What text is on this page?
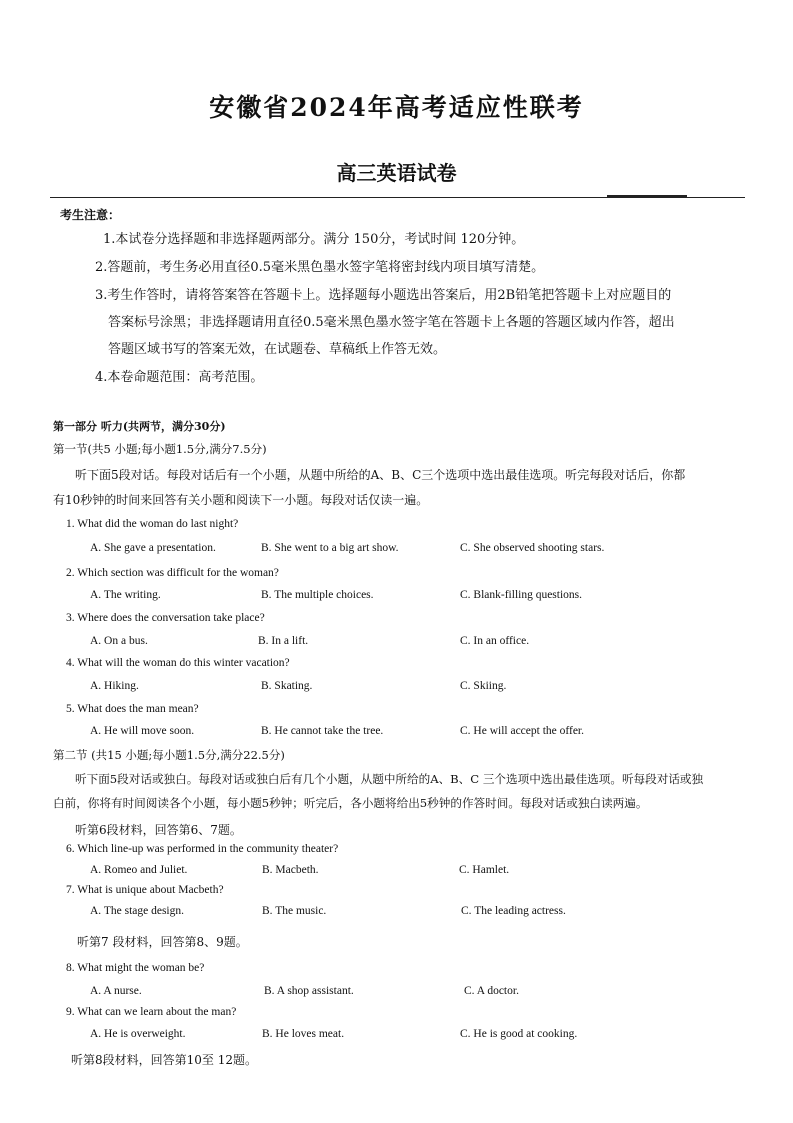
安徽省2024年高考适应性联考
高三英语试卷
考生注意：
1.本试卷分选择题和非选择题两部分。满分 150分，考试时间 120分钟。
2.答题前，考生务必用直径0.5毫米黑色墨水签字笔将密封线内项目填写清楚。
3.考生作答时，请将答案答在答题卡上。选择题每小题选出答案后，用2B铅笔把答题卡上对应题目的
答案标号涂黑；非选择题请用直径0.5毫米黑色墨水签字笔在答题卡上各题的答题区域内作答，超出
答题区域书写的答案无效，在试题卷、草稿纸上作答无效。
4.本卷命题范围：高考范围。
第一部分 听力(共两节，满分30分)
第一节(共5 小题;每小题1.5分,满分7.5分)
听下面5段对话。每段对话后有一个小题，从题中所给的A、B、C三个选项中选出最佳选项。听完每段对话后，你都
有10秒钟的时间来回答有关小题和阅读下一小题。每段对话仅读一遍。
1. What did the woman do last night?
A. She gave a presentation.	B. She went to a big art show.	C. She observed shooting stars.
2. Which section was difficult for the woman?
A. The writing.	B. The multiple choices.	C. Blank-filling questions.
3. Where does the conversation take place?
A. On a bus.	B. In a lift.	C. In an office.
4. What will the woman do this winter vacation?
A. Hiking.	B. Skating.	C. Skiing.
5. What does the man mean?
A. He will move soon.	B. He cannot take the tree.	C. He will accept the offer.
第二节 (共15 小题;每小题1.5分,满分22.5分)
听下面5段对话或独白。每段对话或独白后有几个小题，从题中所给的A、B、C 三个选项中选出最佳选项。听每段对话或独
白前，你将有时间阅读各个小题，每小题5秒钟；听完后，各小题将给出5秒钟的作答时间。每段对话或独白读两遍。
听第6段材料，回答第6、7题。
6. Which line-up was performed in the community theater?
A. Romeo and Juliet.	B. Macbeth.	C. Hamlet.
7. What is unique about Macbeth?
A. The stage design.	B. The music.	C. The leading actress.
听第7 段材料，回答第8、9题。
8. What might the woman be?
A. A nurse.	B. A shop assistant.	C. A doctor.
9. What can we learn about the man?
A. He is overweight.	B. He loves meat.	C. He is good at cooking.
听第8段材料，回答第10至 12题。
